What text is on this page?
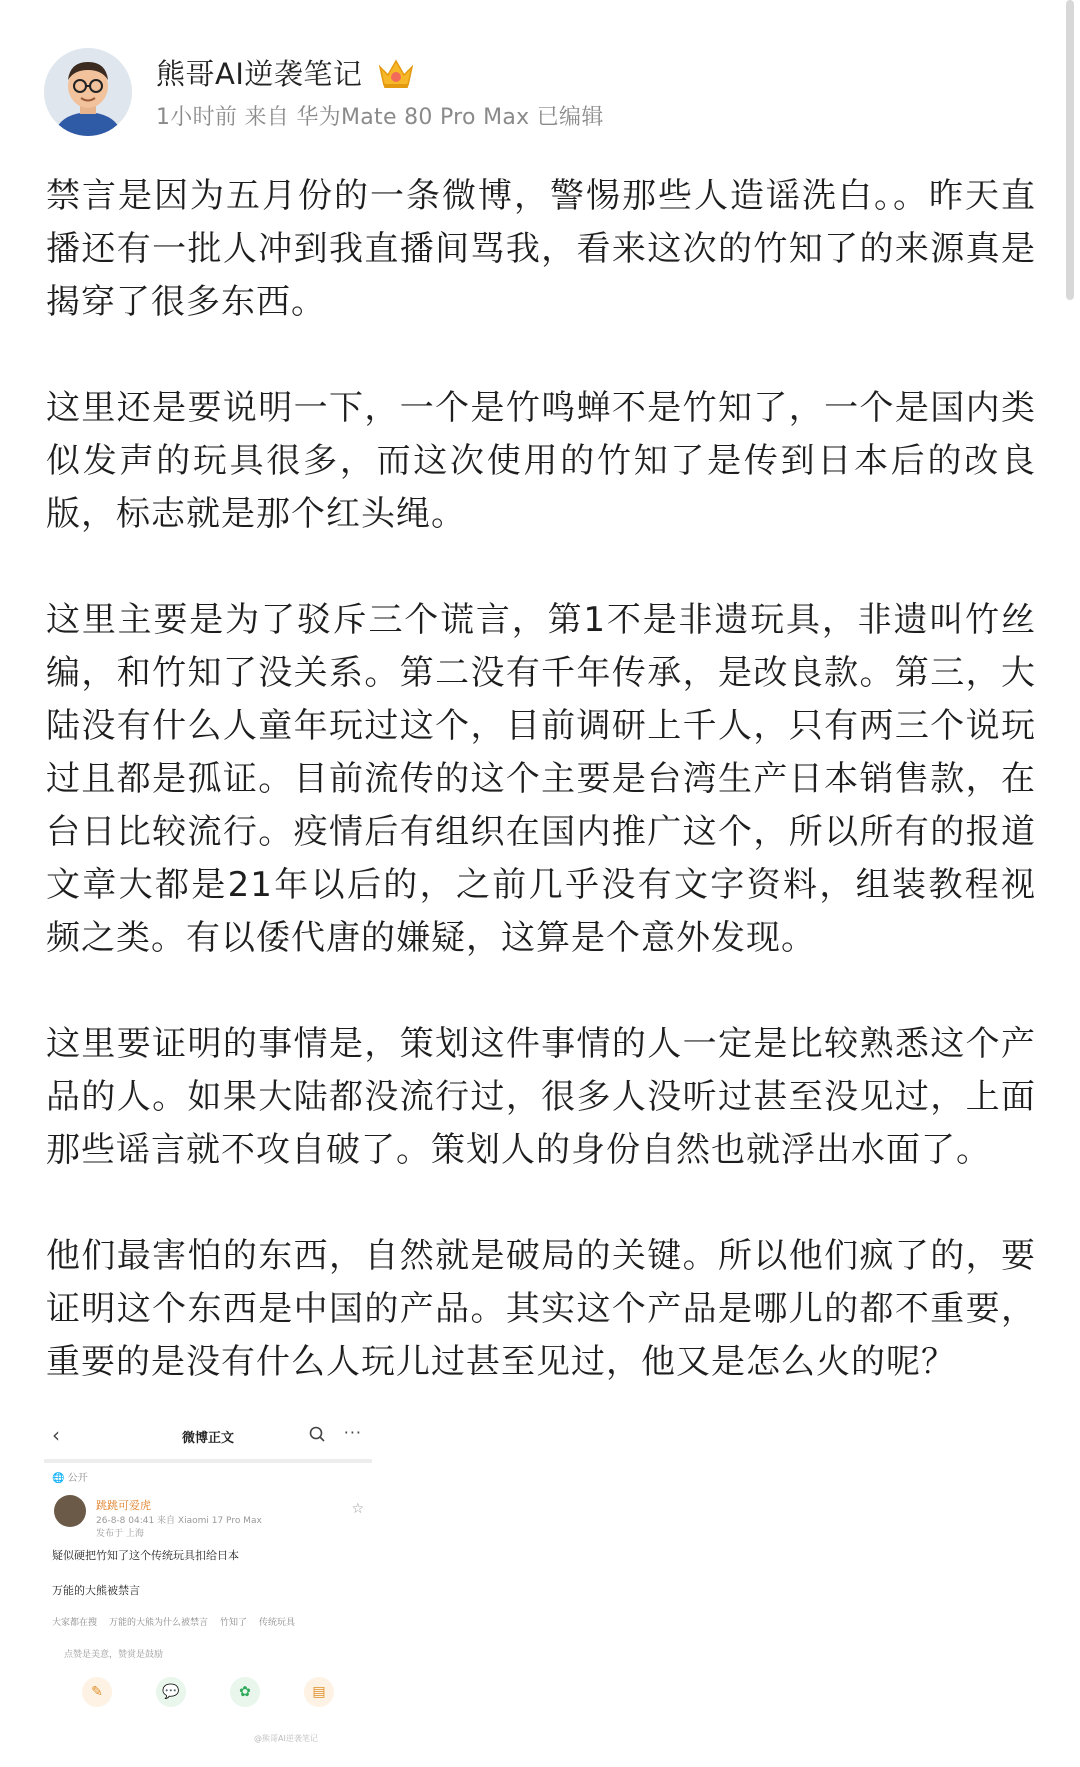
熊哥AI逆袭笔记
1小时前 来自 华为Mate 80 Pro Max 已编辑

禁言是因为五月份的一条微博，警惕那些人造谣洗白。。昨天直播还有一批人冲到我直播间骂我，看来这次的竹知了的来源真是揭穿了很多东西。

这里还是要说明一下，一个是竹鸣蝉不是竹知了，一个是国内类似发声的玩具很多，而这次使用的竹知了是传到日本后的改良版，标志就是那个红头绳。

这里主要是为了驳斥三个谎言，第1不是非遗玩具，非遗叫竹丝编，和竹知了没关系。第二没有千年传承，是改良款。第三，大陆没有什么人童年玩过这个，目前调研上千人，只有两三个说玩过且都是孤证。目前流传的这个主要是台湾生产日本销售款，在台日比较流行。疫情后有组织在国内推广这个，所以所有的报道文章大都是21年以后的，之前几乎没有文字资料，组装教程视频之类。有以倭代唐的嫌疑，这算是个意外发现。

这里要证明的事情是，策划这件事情的人一定是比较熟悉这个产品的人。如果大陆都没流行过，很多人没听过甚至没见过，上面那些谣言就不攻自破了。策划人的身份自然也就浮出水面了。

他们最害怕的东西，自然就是破局的关键。所以他们疯了的，要证明这个东西是中国的产品。其实这个产品是哪儿的都不重要，重要的是没有什么人玩儿过甚至见过，他又是怎么火的呢？

‹	微博正文	···
🌐 公开
跳跳可爱虎
26-8-8 04:41 来自 Xiaomi 17 Pro Max
发布于 上海
☆
疑似硬把竹知了这个传统玩具扣给日本
万能的大熊被禁言
大家都在搜 万能的大熊为什么被禁言 竹知了 传统玩具
点赞是美意，赞赏是鼓励
✎	💬	✿	▤
@熊哥AI逆袭笔记
